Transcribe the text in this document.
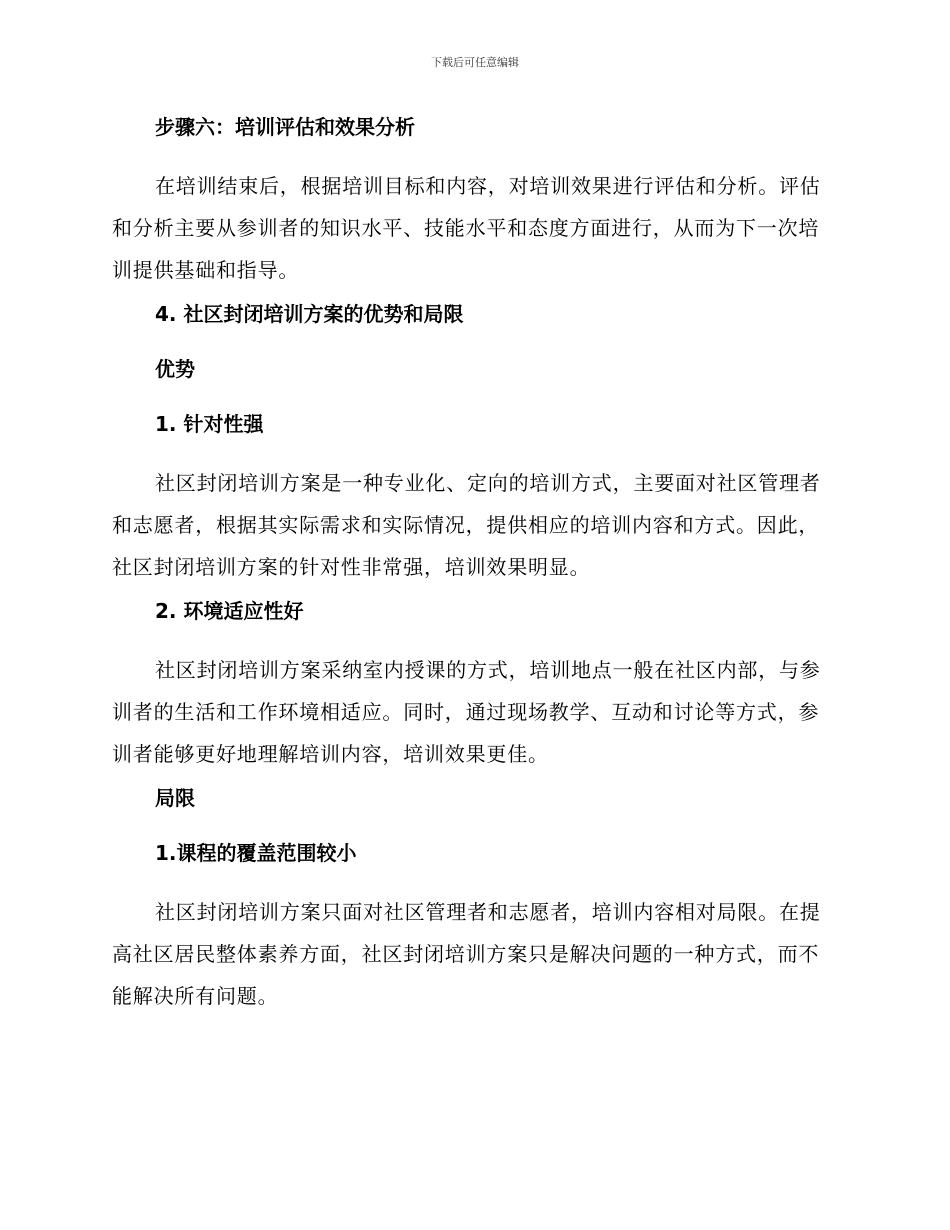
下载后可任意编辑
步骤六：培训评估和效果分析

在培训结束后，根据培训目标和内容，对培训效果进行评估和分析。评估和分析主要从参训者的知识水平、技能水平和态度方面进行，从而为下一次培训提供基础和指导。

4. 社区封闭培训方案的优势和局限
优势
1. 针对性强

社区封闭培训方案是一种专业化、定向的培训方式，主要面对社区管理者和志愿者，根据其实际需求和实际情况，提供相应的培训内容和方式。因此，社区封闭培训方案的针对性非常强，培训效果明显。

2. 环境适应性好

社区封闭培训方案采纳室内授课的方式，培训地点一般在社区内部，与参训者的生活和工作环境相适应。同时，通过现场教学、互动和讨论等方式，参训者能够更好地理解培训内容，培训效果更佳。

局限
1.课程的覆盖范围较小

社区封闭培训方案只面对社区管理者和志愿者，培训内容相对局限。在提高社区居民整体素养方面，社区封闭培训方案只是解决问题的一种方式，而不能解决所有问题。
